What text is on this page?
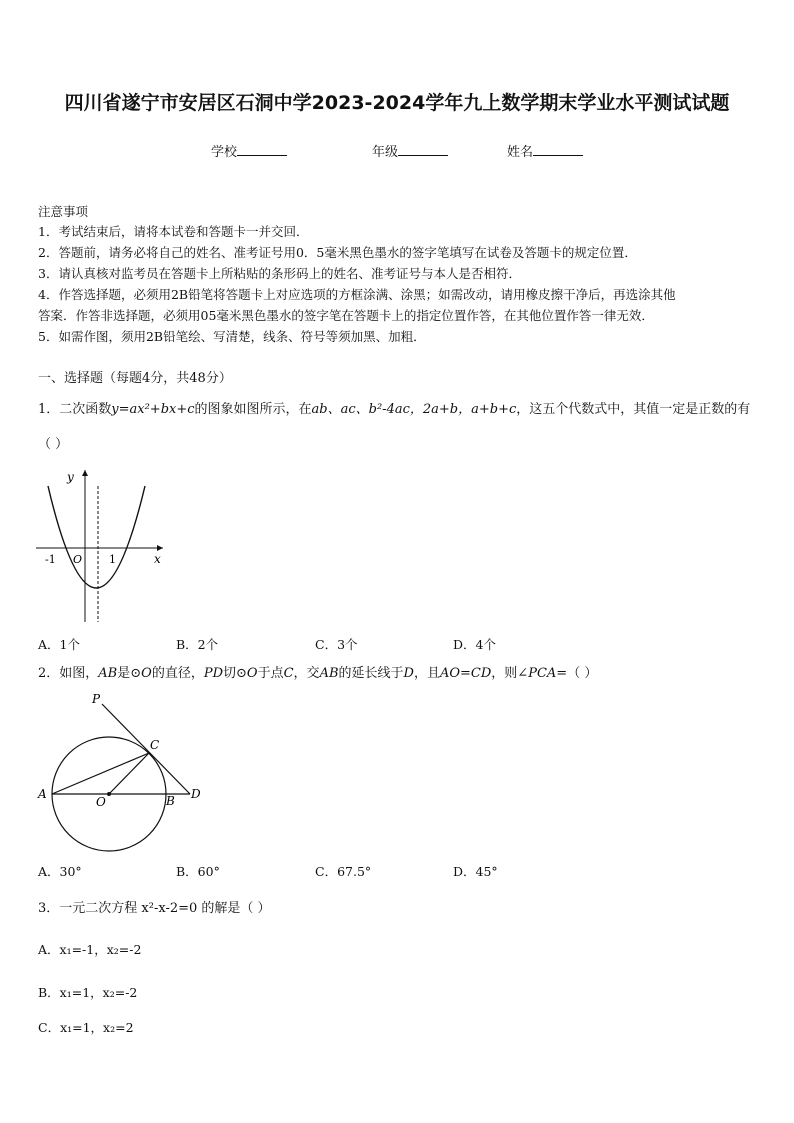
四川省遂宁市安居区石洞中学2023-2024学年九上数学期末学业水平测试试题
学校	年级	姓名
注意事项
1．考试结束后，请将本试卷和答题卡一并交回．
2．答题前，请务必将自己的姓名、准考证号用0．5毫米黑色墨水的签字笔填写在试卷及答题卡的规定位置．
3．请认真核对监考员在答题卡上所粘贴的条形码上的姓名、准考证号与本人是否相符．
4．作答选择题，必须用2B铅笔将答题卡上对应选项的方框涂满、涂黑；如需改动，请用橡皮擦干净后，再选涂其他
答案．作答非选择题，必须用05毫米黑色墨水的签字笔在答题卡上的指定位置作答，在其他位置作答一律无效．
5．如需作图，须用2B铅笔绘、写清楚，线条、符号等须加黑、加粗．
一、选择题（每题4分，共48分）
1．二次函数y=ax²+bx+c的图象如图所示，在ab、ac、b²-4ac，2a+b，a+b+c，这五个代数式中，其值一定是正数的有
（ ）
y
x
O
-1	1
A．1个	B．2个	C．3个	D．4个
2．如图，AB是⊙O的直径，PD切⊙O于点C，交AB的延长线于D，且AO=CD，则∠PCA=（ ）
P
C
A
O	B D
A．30°	B．60°	C．67.5°	D．45°
3．一元二次方程 x²-x-2=0 的解是（ ）
A．x₁=-1，x₂=-2
B．x₁=1，x₂=-2
C．x₁=1，x₂=2
